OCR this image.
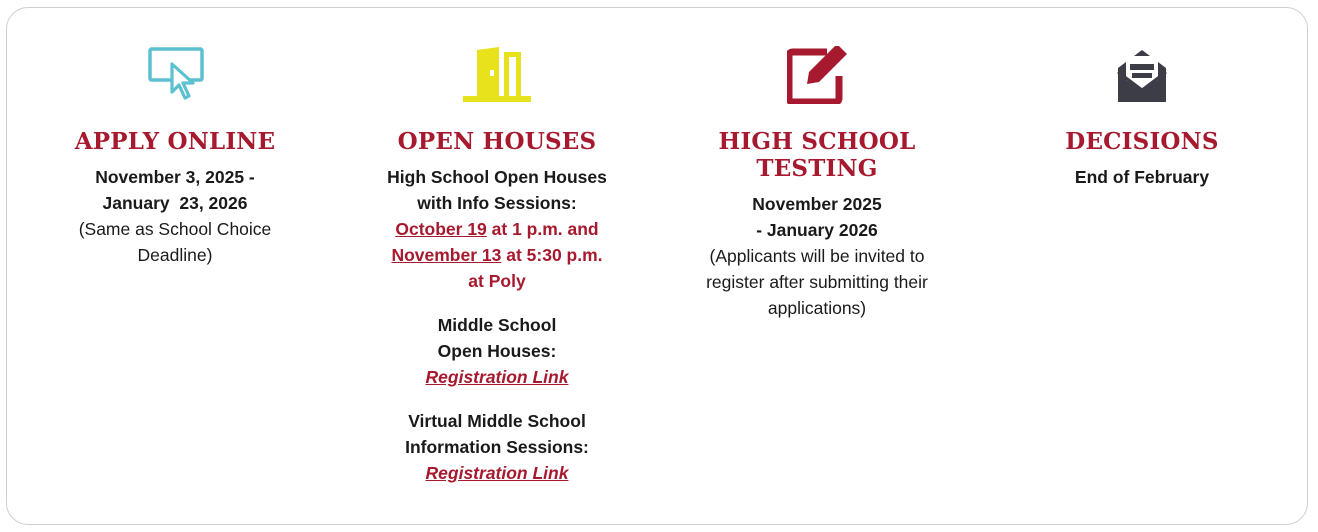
APPLY ONLINE

November 3, 2025 -

January  23, 2026

(Same as School Choice

Deadline)

OPEN HOUSES

High School Open Houses

with Info Sessions:

October 19 at 1 p.m. and

November 13 at 5:30 p.m.

at Poly

Middle School

Open Houses:

Registration Link

Virtual Middle School

Information Sessions:

Registration Link

HIGH SCHOOL

TESTING

November 2025

- January 2026

(Applicants will be invited to

register after submitting their

applications)

DECISIONS

End of February
